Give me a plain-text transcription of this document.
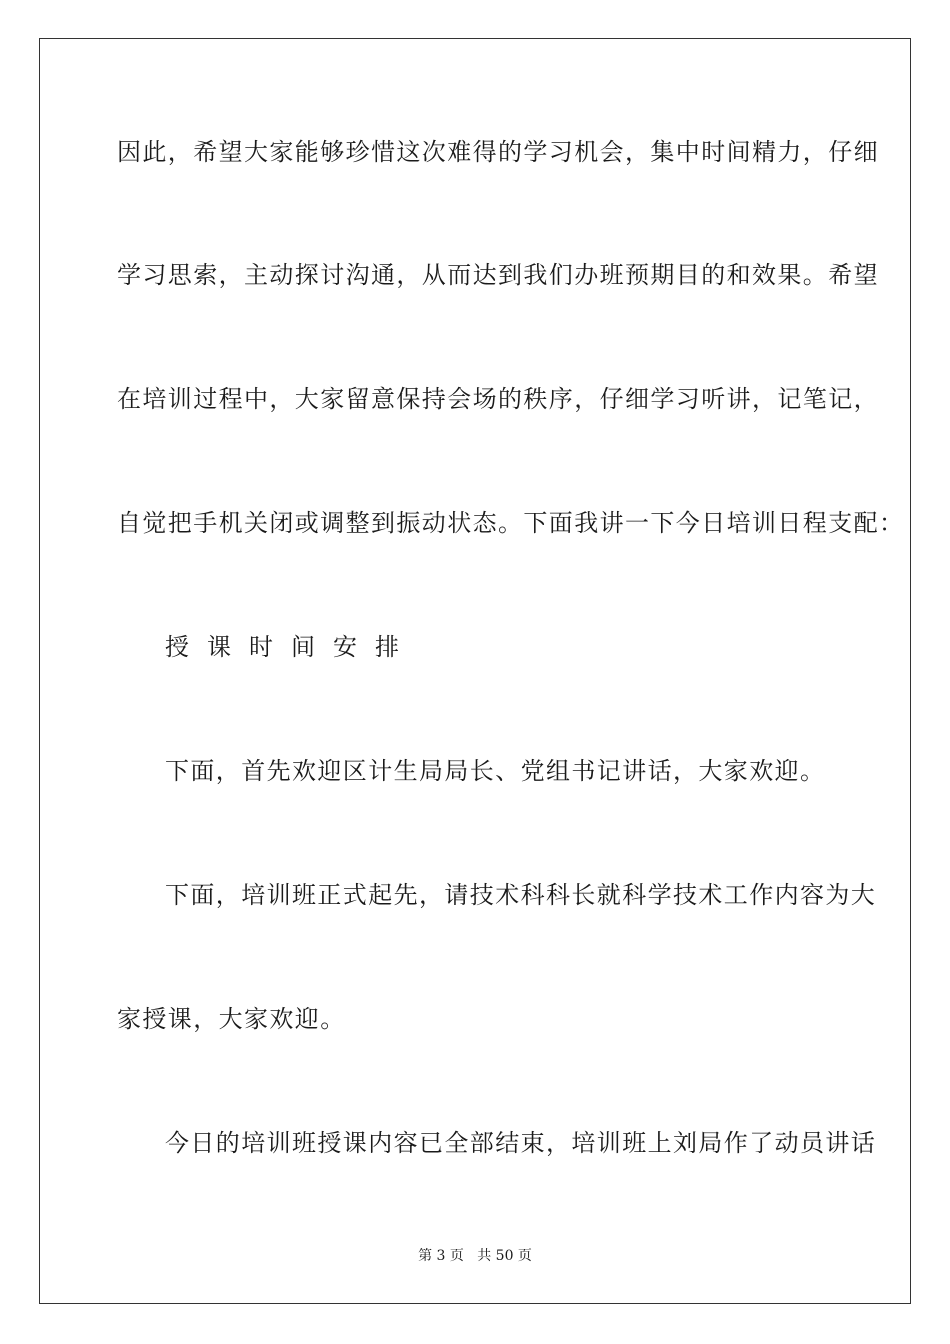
因此，希望大家能够珍惜这次难得的学习机会，集中时间精力，仔细
学习思索，主动探讨沟通，从而达到我们办班预期目的和效果。希望
在培训过程中，大家留意保持会场的秩序，仔细学习听讲，记笔记，
自觉把手机关闭或调整到振动状态。下面我讲一下今日培训日程支配：
授课时间安排
下面，首先欢迎区计生局局长、党组书记讲话，大家欢迎。
下面，培训班正式起先，请技术科科长就科学技术工作内容为大
家授课，大家欢迎。
今日的培训班授课内容已全部结束，培训班上刘局作了动员讲话
第 3 页   共 50 页
